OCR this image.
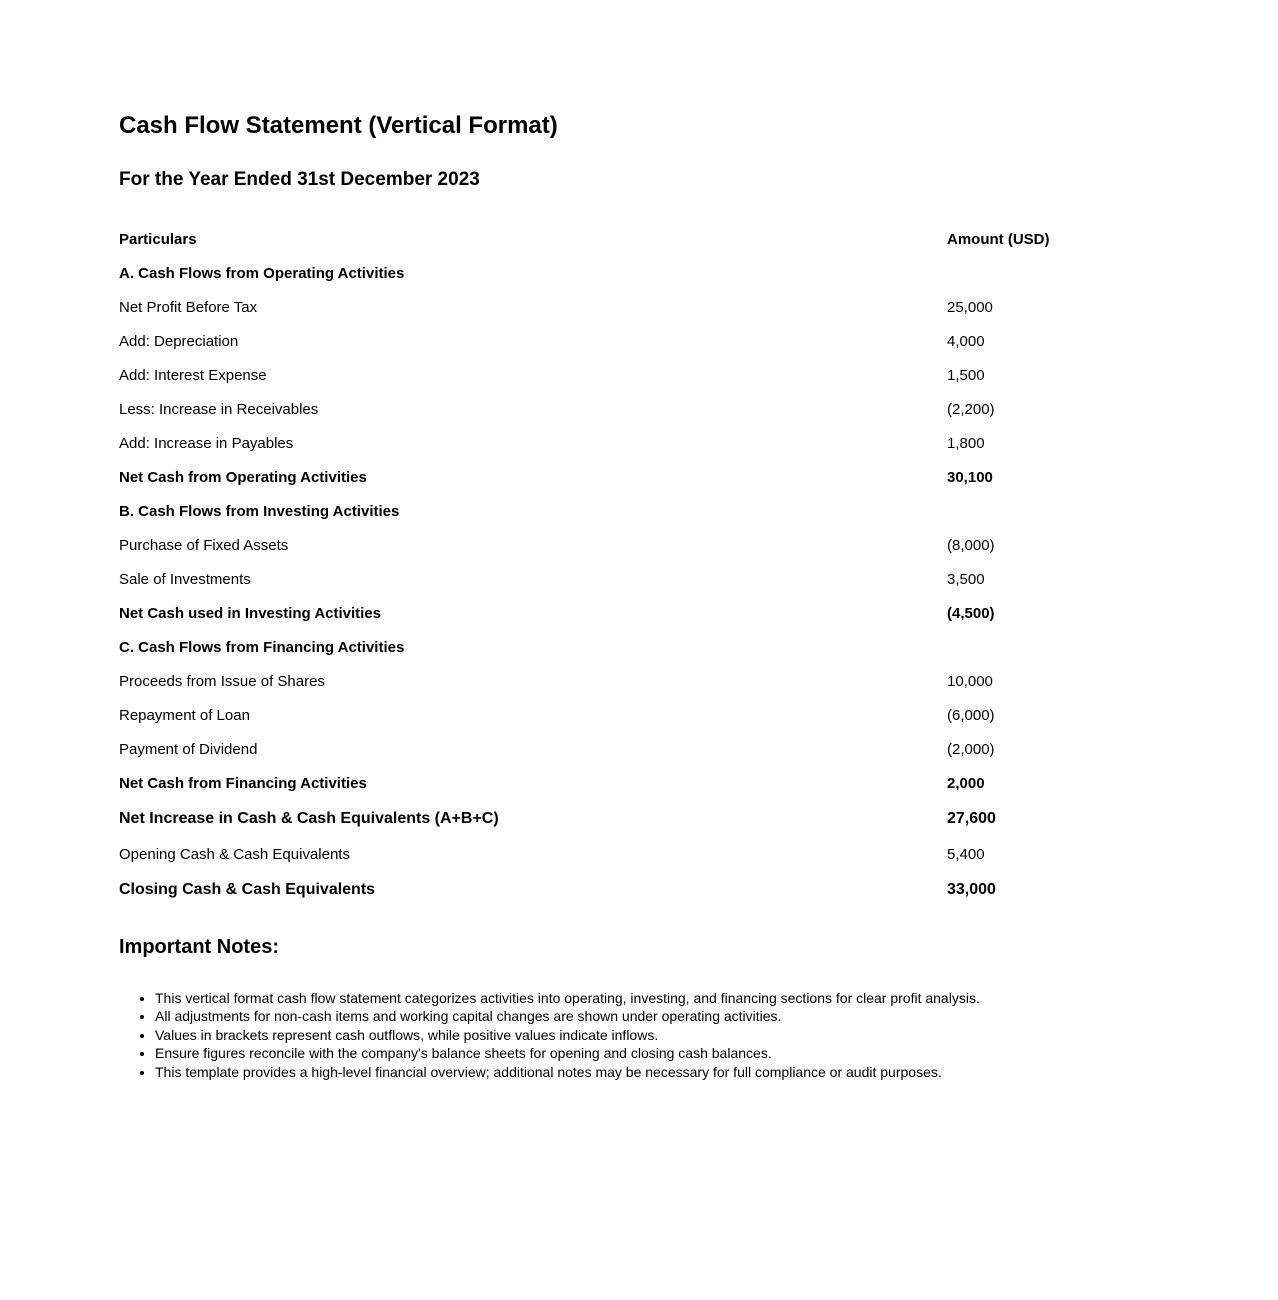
Cash Flow Statement (Vertical Format)
For the Year Ended 31st December 2023
Particulars	Amount (USD)
A. Cash Flows from Operating Activities	
Net Profit Before Tax	25,000
Add: Depreciation	4,000
Add: Interest Expense	1,500
Less: Increase in Receivables	(2,200)
Add: Increase in Payables	1,800
Net Cash from Operating Activities	30,100
B. Cash Flows from Investing Activities	
Purchase of Fixed Assets	(8,000)
Sale of Investments	3,500
Net Cash used in Investing Activities	(4,500)
C. Cash Flows from Financing Activities	
Proceeds from Issue of Shares	10,000
Repayment of Loan	(6,000)
Payment of Dividend	(2,000)
Net Cash from Financing Activities	2,000
Net Increase in Cash & Cash Equivalents (A+B+C)	27,600
Opening Cash & Cash Equivalents	5,400
Closing Cash & Cash Equivalents	33,000
Important Notes:
• This vertical format cash flow statement categorizes activities into operating, investing, and financing sections for clear profit analysis.
• All adjustments for non-cash items and working capital changes are shown under operating activities.
• Values in brackets represent cash outflows, while positive values indicate inflows.
• Ensure figures reconcile with the company's balance sheets for opening and closing cash balances.
• This template provides a high-level financial overview; additional notes may be necessary for full compliance or audit purposes.
